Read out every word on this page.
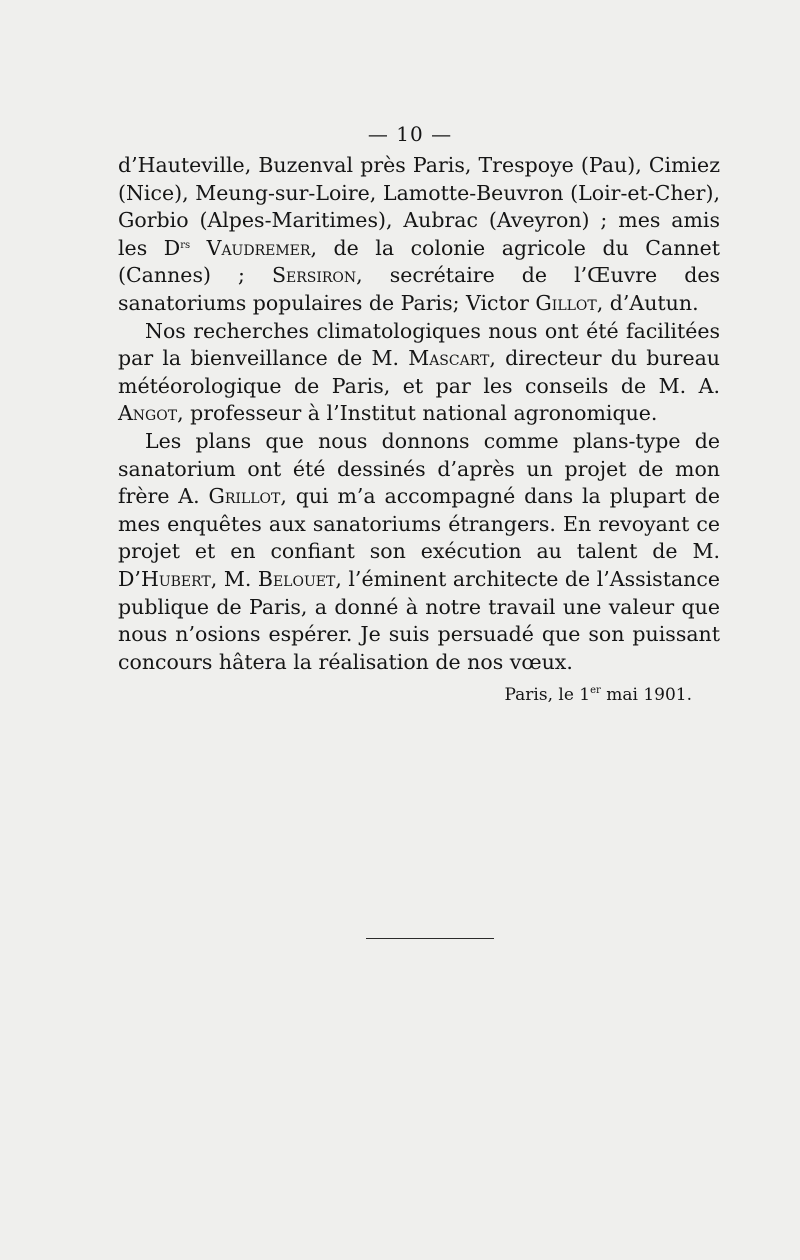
— 10 —

d’Hauteville, Buzenval près Paris, Trespoye (Pau), Cimiez (Nice), Meung-sur-Loire, Lamotte-Beuvron (Loir-et-Cher), Gorbio (Alpes-Maritimes), Aubrac (Aveyron) ; mes amis les $D^{rs}$ Vaudremer, de la colonie agricole du Cannet (Cannes) ; Sersiron, secrétaire de l’Œuvre des sanatoriums populaires de Paris; Victor Gillot, d’Autun.

Nos recherches climatologiques nous ont été facilitées par la bienveillance de M. Mascart, directeur du bureau météorologique de Paris, et par les conseils de M. A. Angot, professeur à l’Institut national agronomique.

Les plans que nous donnons comme plans-type de sanatorium ont été dessinés d’après un projet de mon frère A. Grillot, qui m’a accompagné dans la plupart de mes enquêtes aux sanatoriums étrangers. En revoyant ce projet et en confiant son exécution au talent de M. D’Hubert, M. Belouet, l’éminent architecte de l’Assistance publique de Paris, a donné à notre travail une valeur que nous n’osions espérer. Je suis persuadé que son puissant concours hâtera la réalisation de nos vœux.

Paris, le 1er mai 1901.
